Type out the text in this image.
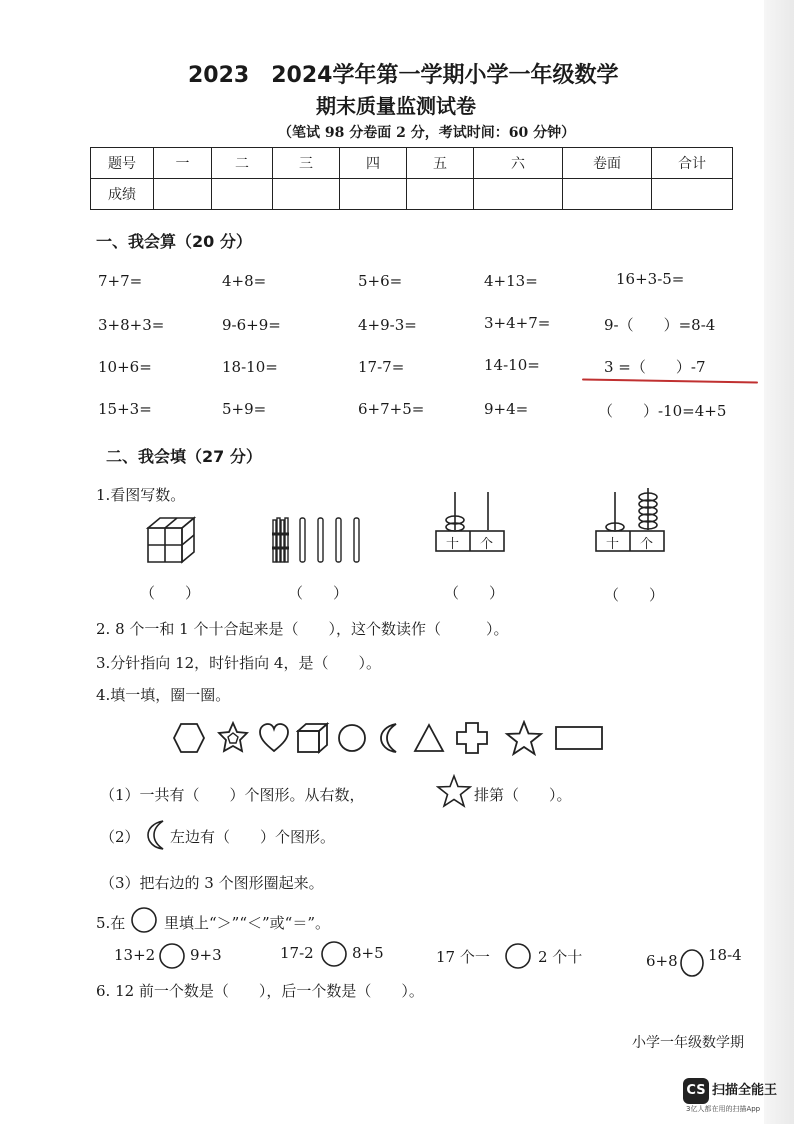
2023　2024学年第一学期小学一年级数学
期末质量监测试卷
（笔试 98 分卷面 2 分，考试时间：60 分钟）
题号	一	二	三	四	五	六	卷面	合计
成绩								
一、我会算（20 分）
7+7=	4+8=	5+6=	4+13=	16+3-5=
3+8+3=	9-6+9=	4+9-3=	3+4+7=	9-（　　）=8-4
10+6=	18-10=	17-7=	14-10=	3 =（　　）-7
15+3=	5+9=	6+7+5=	9+4=	（　　）-10=4+5
二、我会填（27 分）
1.看图写数。
十 个	十 个
（　　）	（　　）	（　　）	（　　）
2. 8 个一和 1 个十合起来是（　　），这个数读作（　　　）。
3.分针指向 12，时针指向 4，是（　　）。
4.填一填，圈一圈。
（1）一共有（　　）个图形。从右数，	排第（　　）。
（2） 左边有（　　）个图形。
（3）把右边的 3 个图形圈起来。
5.在	里填上“＞”“＜”或“＝”。
13+2 9+3	17-2	8+5	17 个一	2 个十	6+8 18-4
6. 12 前一个数是（　　），后一个数是（　　）。
小学一年级数学期
CS 扫描全能王
3亿人都在用的扫描App
